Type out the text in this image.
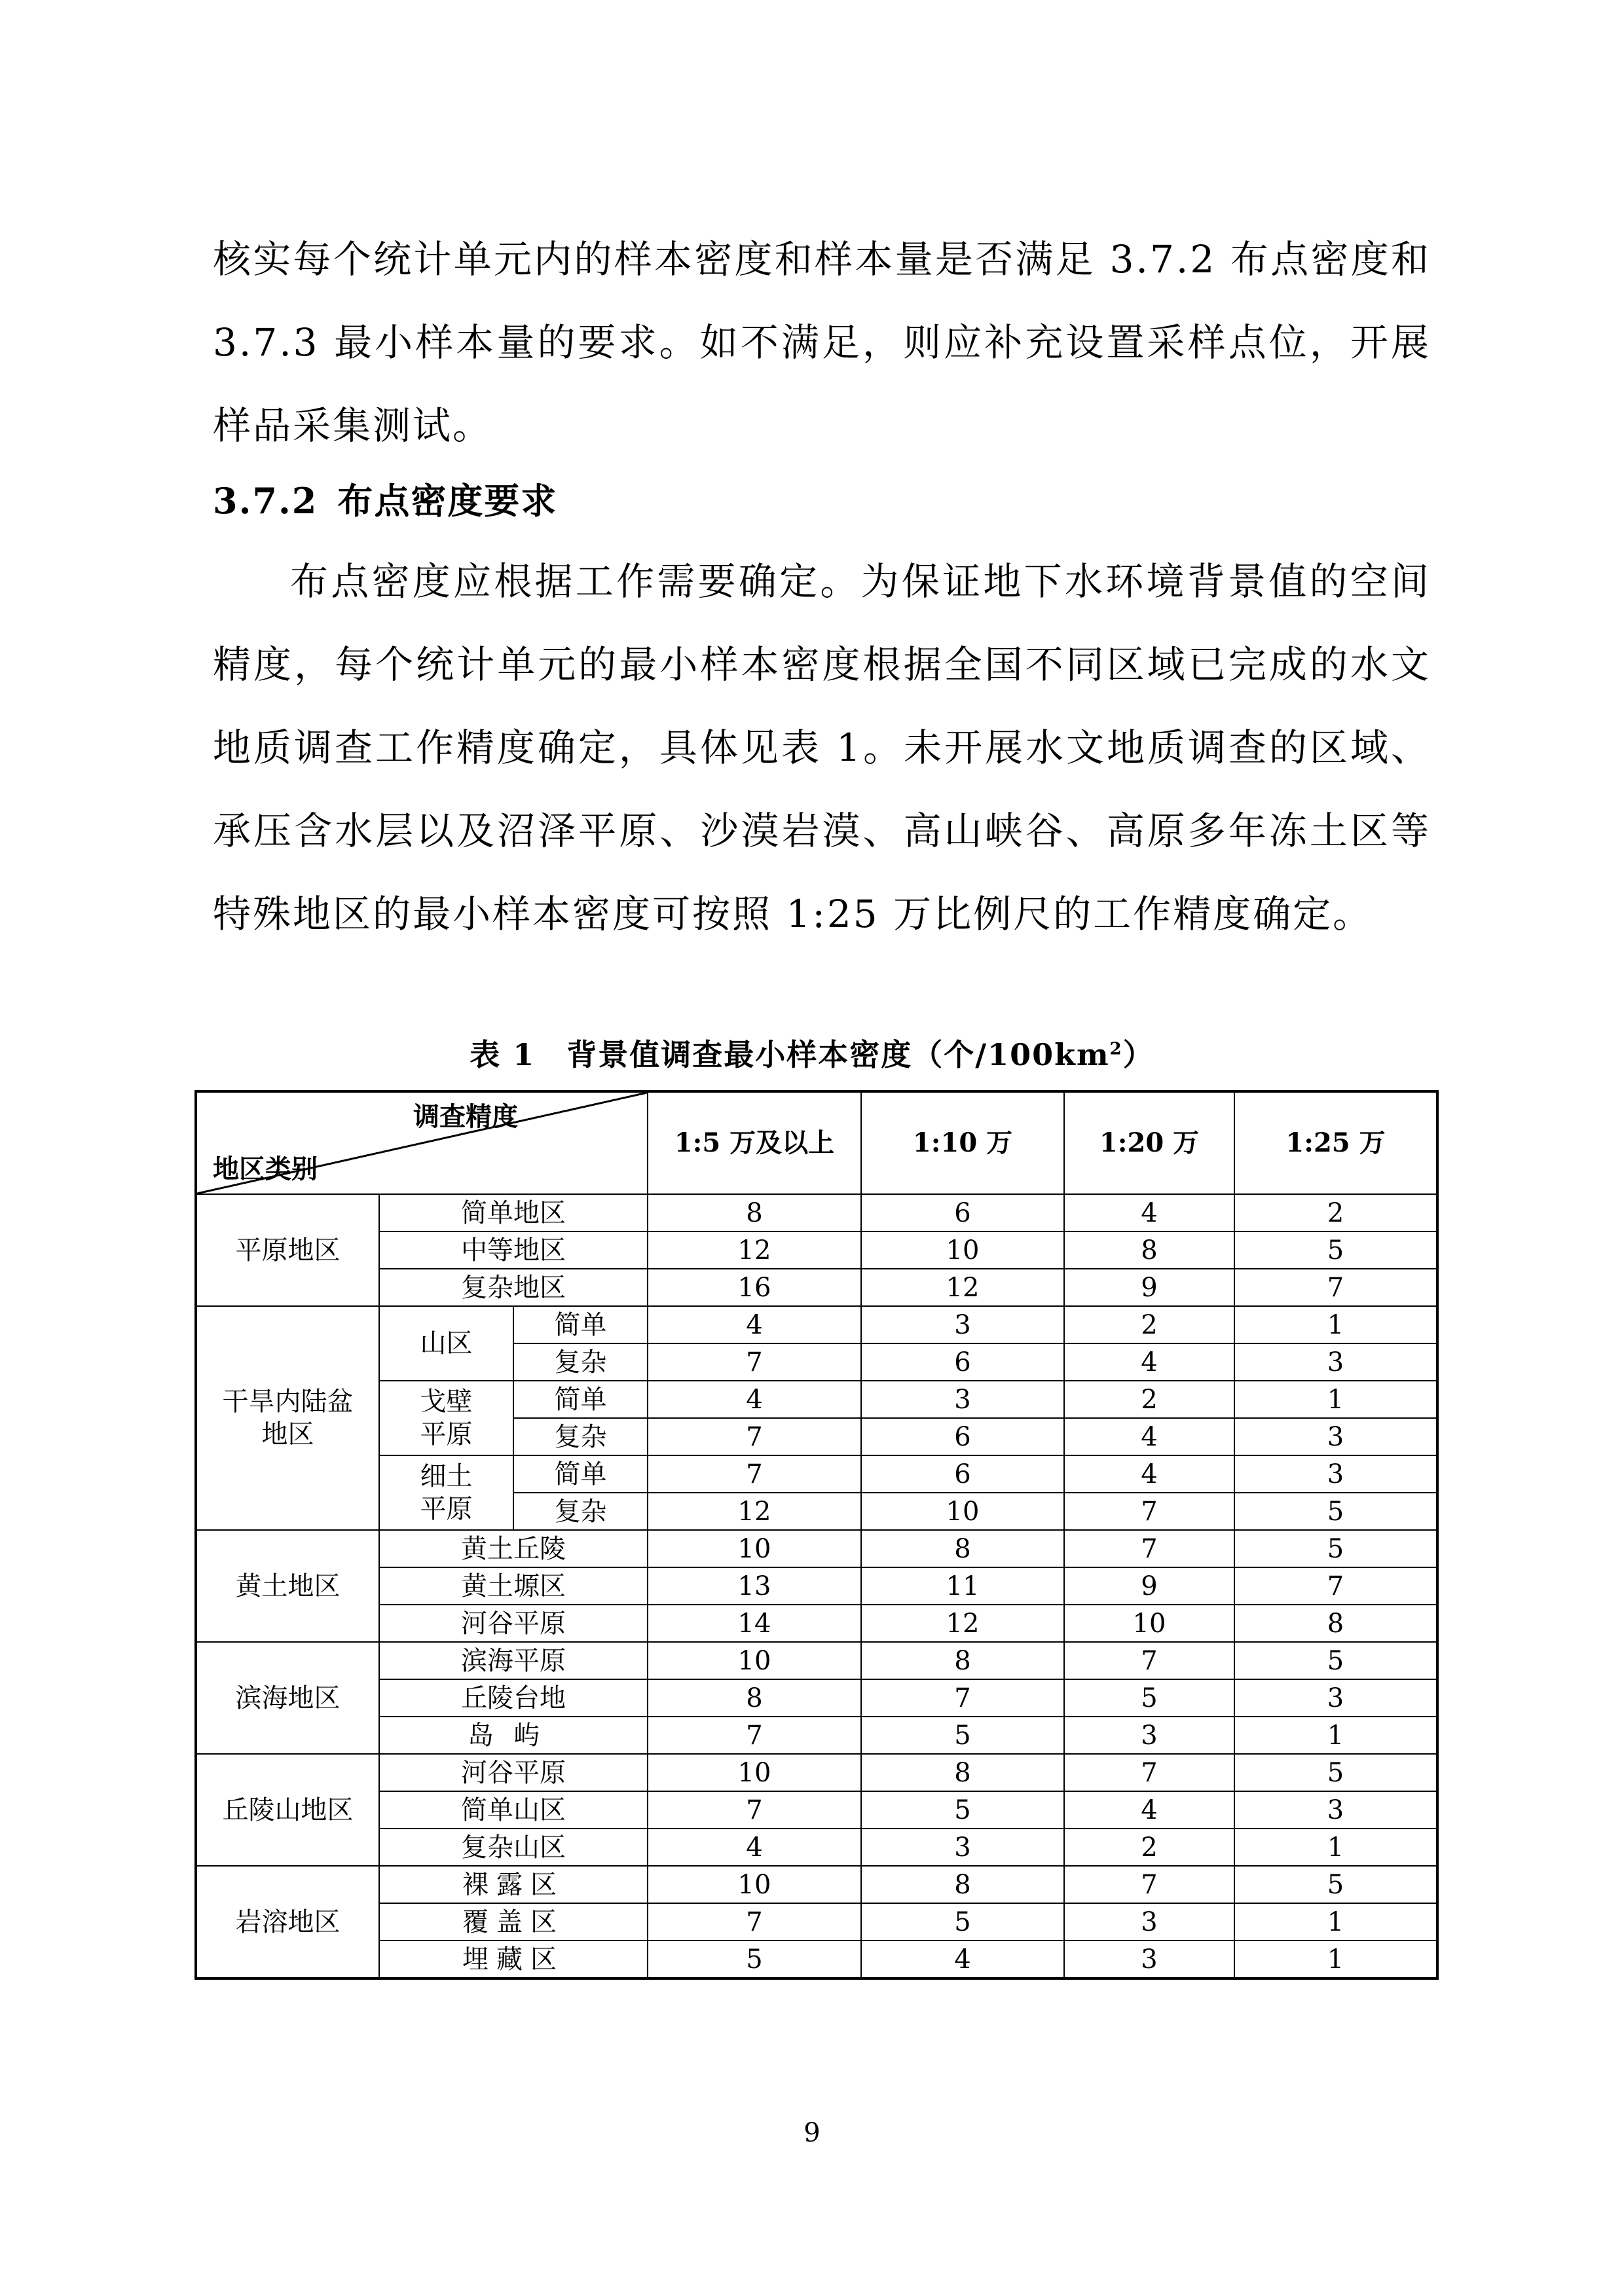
核实每个统计单元内的样本密度和样本量是否满足 3.7.2 布点密度和 3.7.3 最小样本量的要求。如不满足，则应补充设置采样点位，开展样品采集测试。

3.7.2 布点密度要求

布点密度应根据工作需要确定。为保证地下水环境背景值的空间精度，每个统计单元的最小样本密度根据全国不同区域已完成的水文地质调查工作精度确定，具体见表 1。未开展水文地质调查的区域、承压含水层以及沼泽平原、沙漠岩漠、高山峡谷、高原多年冻土区等特殊地区的最小样本密度可按照 1:25 万比例尺的工作精度确定。

表 1　背景值调查最小样本密度（个$/100km^2$）
调查精度
地区类别			1:5 万及以上	1:10 万	1:20 万	1:25 万
平原地区	简单地区		8	6	4	2
	中等地区		12	10	8	5
	复杂地区		16	12	9	7

干旱内陆盆地区	山区	简单	4	3	2	1
		复杂	7	6	4	3

	戈壁平原	简单	4	3	2	1
		复杂	7	6	4	3

	细土平原	简单	7	6	4	3
		复杂	12	10	7	5
黄土地区	黄土丘陵		10	8	7	5
	黄土塬区		13	11	9	7
	河谷平原		14	12	10	8
滨海地区	滨海平原		10	8	7	5
	丘陵台地		8	7	5	3
	岛屿		7	5	3	1
丘陵山地区	河谷平原		10	8	7	5
	简单山区		7	5	4	3
	复杂山区		4	3	2	1
岩溶地区	裸露区		10	8	7	5
	覆盖区		7	5	3	1
	埋藏区		5	4	3	1
9
